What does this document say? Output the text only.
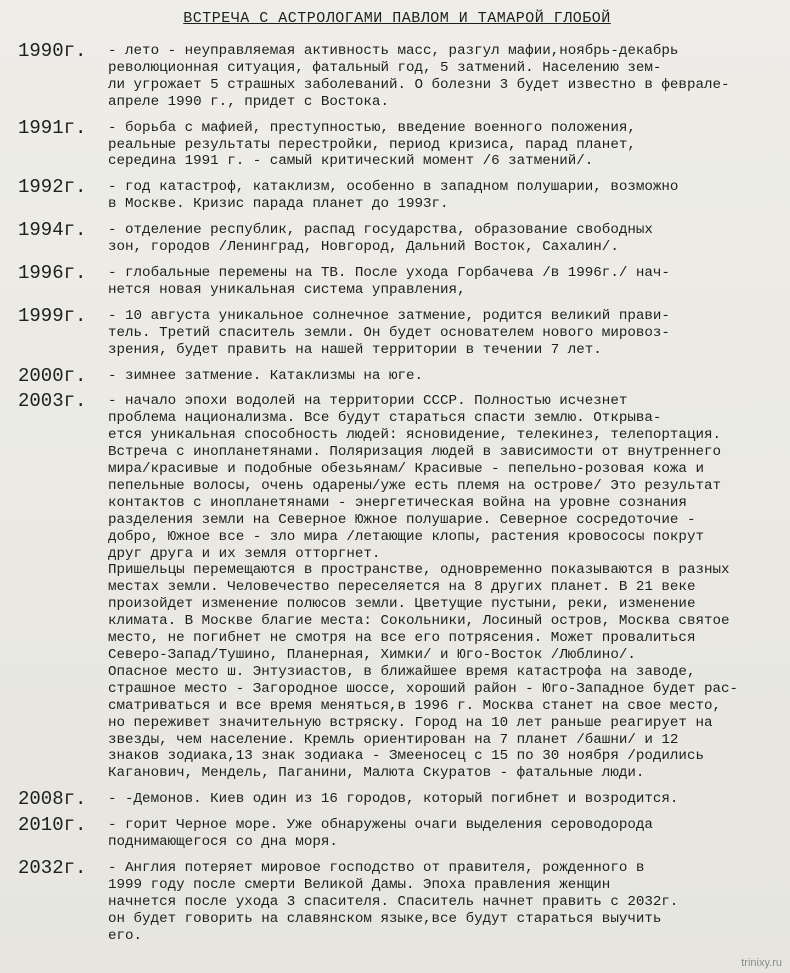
ВСТРЕЧА С АСТРОЛОГАМИ ПАВЛОМ И ТАМАРОЙ ГЛОБОЙ
1990г.	- лето - неуправляемая активность масс, разгул мафии,ноябрь-декабрь
революционная ситуация, фатальный год, 5 затмений. Населению зем-
ли угрожает 5 страшных заболеваний. О болезни 3 будет известно в феврале-
апреле 1990 г., придет с Востока.

1991г.	- борьба с мафией, преступностью, введение военного положения,
реальные результаты перестройки, период кризиса, парад планет,
середина 1991 г. - самый критический момент /6 затмений/.

1992г.	- год катастроф, катаклизм, особенно в западном полушарии, возможно
в Москве. Кризис парада планет до 1993г.

1994г.	- отделение республик, распад государства, образование свободных
зон, городов /Ленинград, Новгород, Дальний Восток, Сахалин/.

1996г.	- глобальные перемены на ТВ. После ухода Горбачева /в 1996г./ нач-
нется новая уникальная система управления,

1999г.	- 10 августа уникальное солнечное затмение, родится великий прави-
тель. Третий спаситель земли. Он будет основателем нового мировоз-
зрения, будет править на нашей территории в течении 7 лет.

2000г.	- зимнее затмение. Катаклизмы на юге.

2003г.	- начало эпохи водолей на территории СССР. Полностью исчезнет
проблема национализма. Все будут стараться спасти землю. Открыва-
ется уникальная способность людей: ясновидение, телекинез, телепортация.
Встреча с инопланетянами. Поляризация людей в зависимости от внутреннего
мира/красивые и подобные обезьянам/ Красивые - пепельно-розовая кожа и
пепельные волосы, очень одарены/уже есть племя на острове/ Это результат
контактов с инопланетянами - энергетическая война на уровне сознания
разделения земли на Северное Южное полушарие. Северное сосредоточие -
добро, Южное все - зло мира /летающие клопы, растения кровососы покрут
друг друга и их земля отторгнет.
Пришельцы перемещаются в пространстве, одновременно показываются в разных
местах земли. Человечество переселяется на 8 других планет. В 21 веке
произойдет изменение полюсов земли. Цветущие пустыни, реки, изменение
климата. В Москве благие места: Сокольники, Лосиный остров, Москва святое
место, не погибнет не смотря на все его потрясения. Может провалиться
Северо-Запад/Тушино, Планерная, Химки/ и Юго-Восток /Люблино/.
Опасное место ш. Энтузиастов, в ближайшее время катастрофа на заводе,
страшное место - Загородное шоссе, хороший район - Юго-Западное будет рас-
сматриваться и все время меняться,в 1996 г. Москва станет на свое место,
но переживет значительную встряску. Город на 10 лет раньше реагирует на
звезды, чем население. Кремль ориентирован на 7 планет /башни/ и 12
знаков зодиака,13 знак зодиака - Змееносец с 15 по 30 ноября /родились
Каганович, Мендель, Паганини, Малюта Скуратов - фатальные люди.

2008г.	- -Демонов. Киев один из 16 городов, который погибнет и возродится.

2010г.	- горит Черное море. Уже обнаружены очаги выделения сероводорода
поднимающегося со дна моря.

2032г.	- Англия потеряет мировое господство от правителя, рожденного в
1999 году после смерти Великой Дамы. Эпоха правления женщин
начнется после ухода 3 спасителя. Спаситель начнет править с 2032г.
он будет говорить на славянском языке,все будут стараться выучить
его.

trinixy.ru
